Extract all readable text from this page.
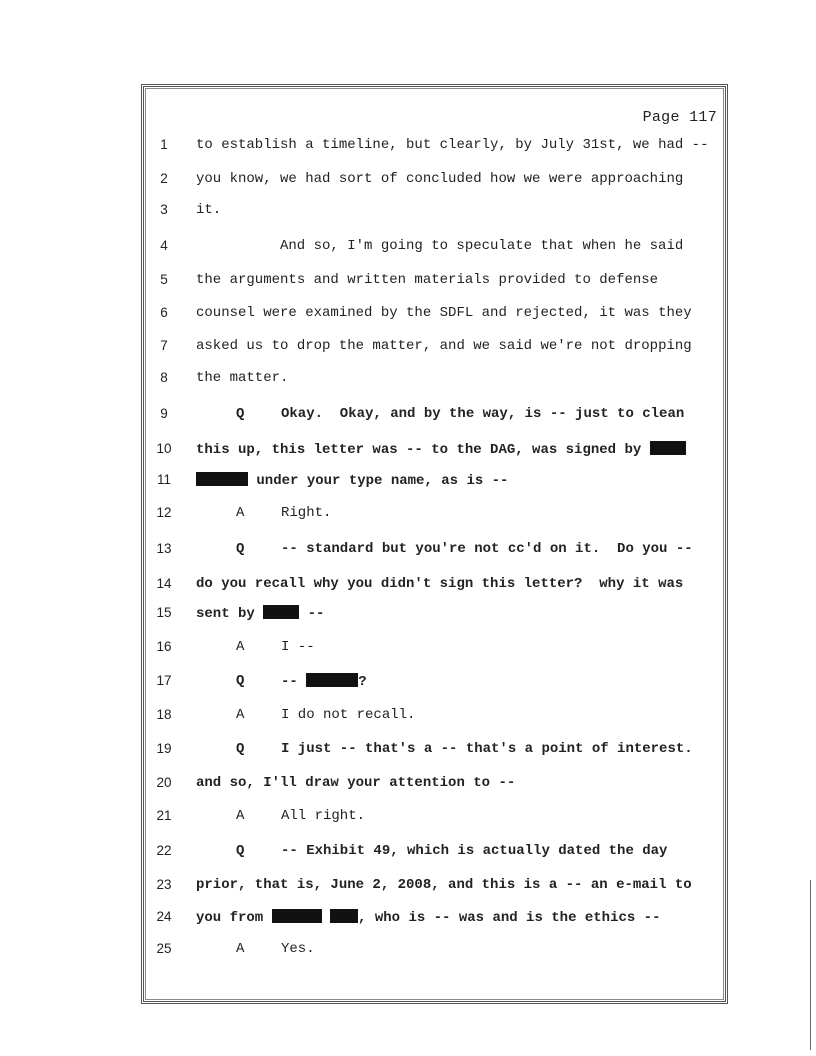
Page 117
1	to establish a timeline, but clearly, by July 31st, we had --
2	you know, we had sort of concluded how we were approaching
3	it.
4	And so, I'm going to speculate that when he said
5	the arguments and written materials provided to defense
6	counsel were examined by the SDFL and rejected, it was they
7	asked us to drop the matter, and we said we're not dropping
8	the matter.
9	Q	Okay.  Okay, and by the way, is -- just to clean
10	this up, this letter was -- to the DAG, was signed by
11	under your type name, as is --
12	A	Right.
13	Q	-- standard but you're not cc'd on it.  Do you --
14	do you recall why you didn't sign this letter?  why it was
15	sent by	--
16	A	I --
17	Q	--	?
18	A	I do not recall.
19	Q	I just -- that's a -- that's a point of interest.
20	and so, I'll draw your attention to --
21	A	All right.
22	Q	-- Exhibit 49, which is actually dated the day
23	prior, that is, June 2, 2008, and this is a -- an e-mail to
24	you from	, who is -- was and is the ethics --
25	A	Yes.
